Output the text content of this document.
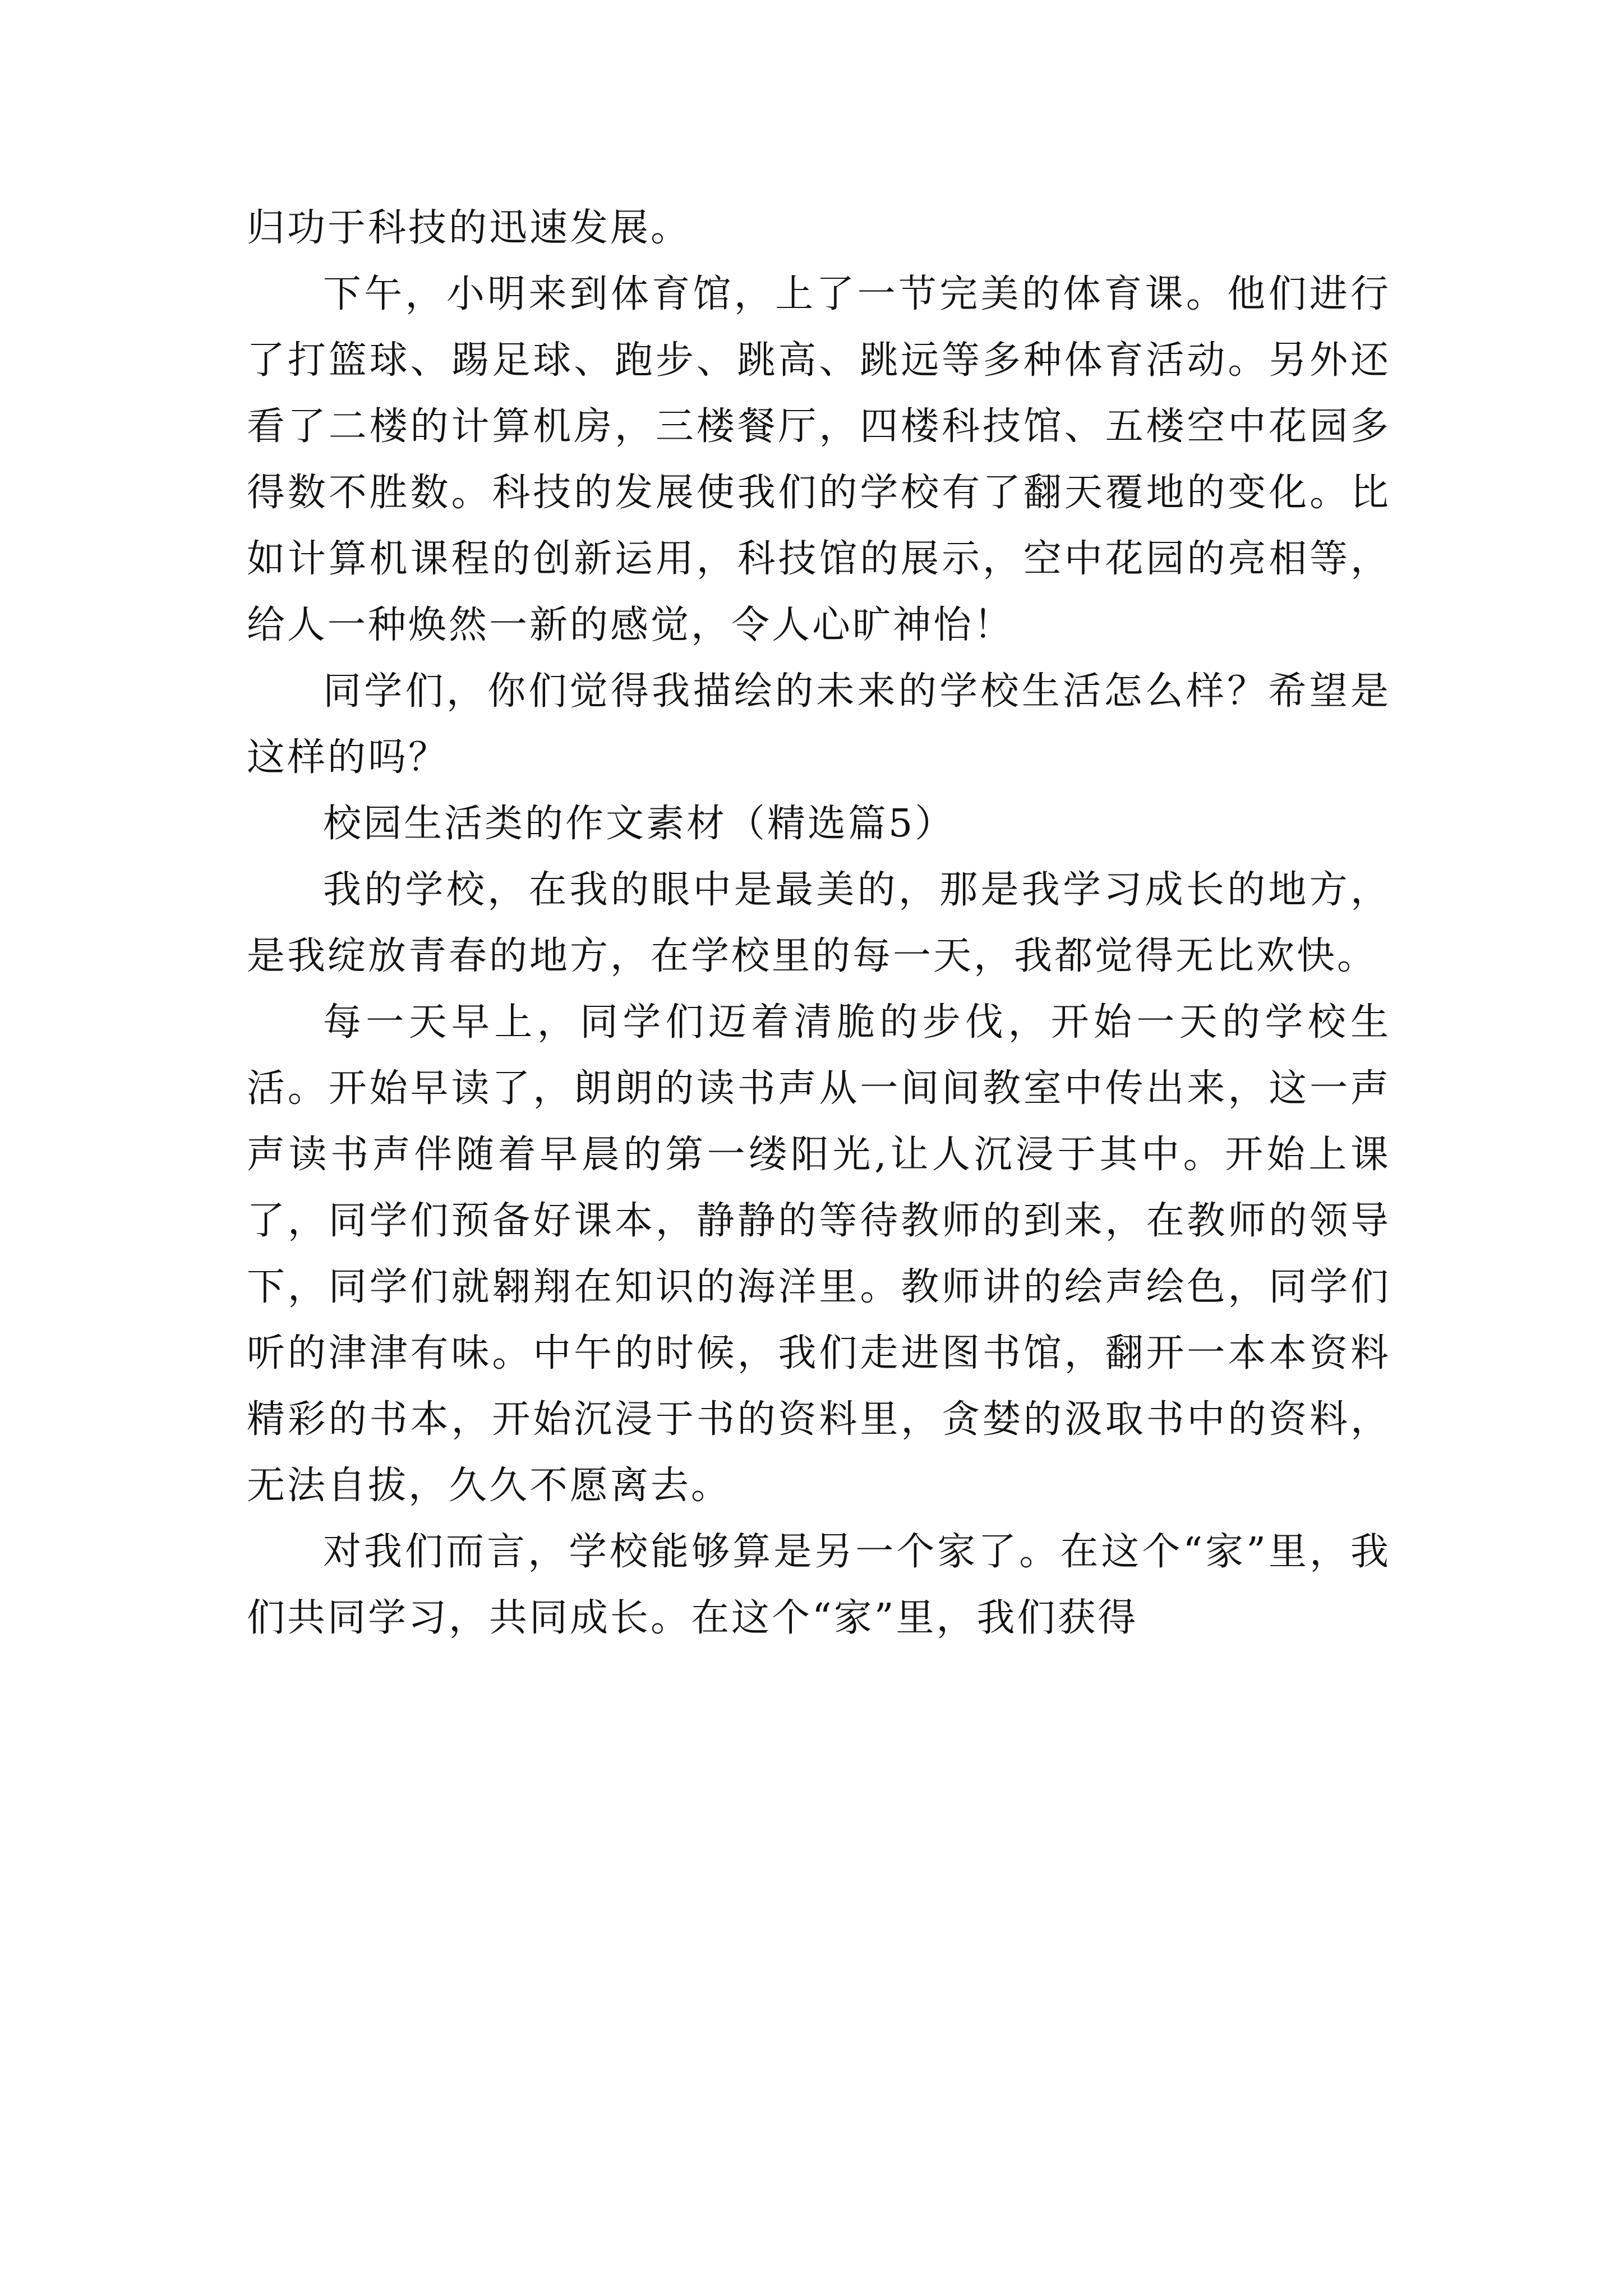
归功于科技的迅速发展。

下午，小明来到体育馆，上了一节完美的体育课。他们进行了打篮球、踢足球、跑步、跳高、跳远等多种体育活动。另外还看了二楼的计算机房，三楼餐厅，四楼科技馆、五楼空中花园多得数不胜数。科技的发展使我们的学校有了翻天覆地的变化。比如计算机课程的创新运用，科技馆的展示，空中花园的亮相等，给人一种焕然一新的感觉，令人心旷神怡！

同学们，你们觉得我描绘的未来的学校生活怎么样？希望是这样的吗？

校园生活类的作文素材（精选篇5）

我的学校，在我的眼中是最美的，那是我学习成长的地方，是我绽放青春的地方，在学校里的每一天，我都觉得无比欢快。

每一天早上，同学们迈着清脆的步伐，开始一天的学校生活。开始早读了，朗朗的读书声从一间间教室中传出来，这一声声读书声伴随着早晨的第一缕阳光,让人沉浸于其中。开始上课了，同学们预备好课本，静静的等待教师的到来，在教师的领导下，同学们就翱翔在知识的海洋里。教师讲的绘声绘色，同学们听的津津有味。中午的时候，我们走进图书馆，翻开一本本资料精彩的书本，开始沉浸于书的资料里，贪婪的汲取书中的资料，无法自拔，久久不愿离去。

对我们而言，学校能够算是另一个家了。在这个“家”里，我们共同学习，共同成长。在这个“家”里，我们获得
